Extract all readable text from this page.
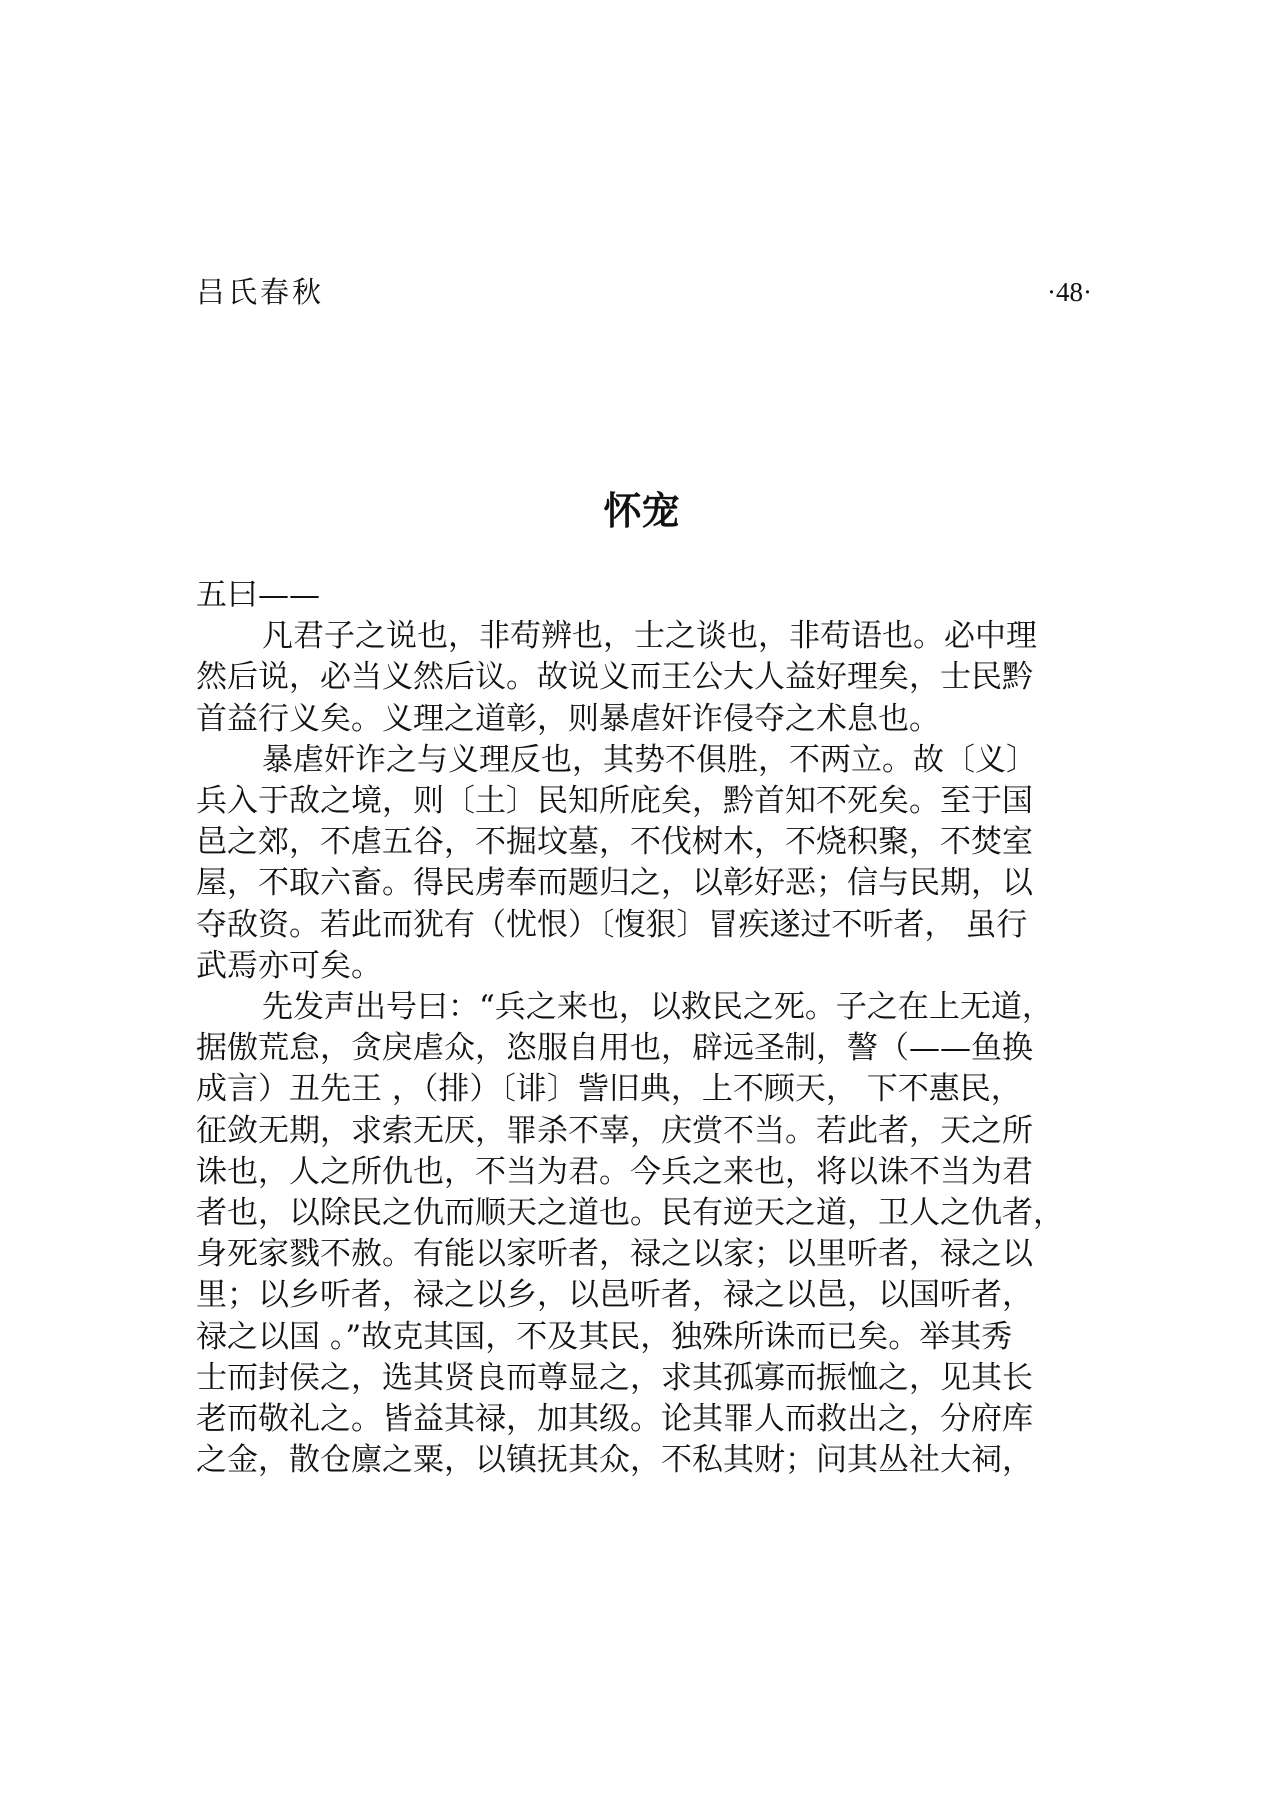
吕氏春秋	·48·
怀宠

五曰——

凡君子之说也，非苟辨也，士之谈也，非苟语也。必中理
然后说，必当义然后议。故说义而王公大人益好理矣，士民黔
首益行义矣。义理之道彰，则暴虐奸诈侵夺之术息也。

暴虐奸诈之与义理反也，其势不俱胜，不两立。故〔义〕
兵入于敌之境，则〔土〕民知所庇矣，黔首知不死矣。至于国
邑之郊，不虐五谷，不掘坟墓，不伐树木，不烧积聚，不焚室
屋，不取六畜。得民虏奉而题归之，以彰好恶；信与民期，以
夺敌资。若此而犹有（忧恨）〔愎狠〕冒疾遂过不听者， 虽行
武焉亦可矣。

先发声出号曰：“兵之来也，以救民之死。子之在上无道，
据傲荒怠，贪戾虐众，恣服自用也，辟远圣制，謷（——鱼换
成言）丑先王 ，（排）〔诽〕訾旧典，上不顾天， 下不惠民，
征敛无期，求索无厌，罪杀不辜，庆赏不当。若此者，天之所
诛也，人之所仇也，不当为君。今兵之来也，将以诛不当为君
者也，以除民之仇而顺天之道也。民有逆天之道，卫人之仇者，
身死家戮不赦。有能以家听者，禄之以家；以里听者，禄之以
里；以乡听者，禄之以乡，以邑听者，禄之以邑，以国听者，
禄之以国 。”故克其国，不及其民，独殊所诛而已矣。举其秀
士而封侯之，选其贤良而尊显之，求其孤寡而振恤之，见其长
老而敬礼之。皆益其禄，加其级。论其罪人而救出之，分府库
之金，散仓廪之粟，以镇抚其众，不私其财；问其丛社大祠，
